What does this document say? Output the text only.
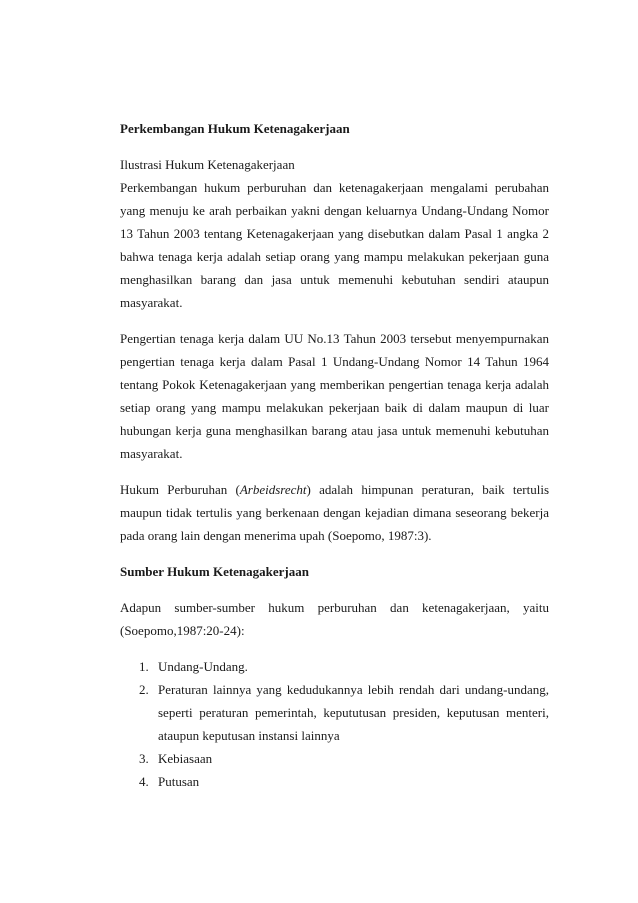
Perkembangan Hukum Ketenagakerjaan

Ilustrasi Hukum Ketenagakerjaan

Perkembangan hukum perburuhan dan ketenagakerjaan mengalami perubahan yang menuju ke arah perbaikan yakni dengan keluarnya Undang-Undang Nomor 13 Tahun 2003 tentang Ketenagakerjaan yang disebutkan dalam Pasal 1 angka 2 bahwa tenaga kerja adalah setiap orang yang mampu melakukan pekerjaan guna menghasilkan barang dan jasa untuk memenuhi kebutuhan sendiri ataupun masyarakat.

Pengertian tenaga kerja dalam UU No.13 Tahun 2003 tersebut menyempurnakan pengertian tenaga kerja dalam Pasal 1 Undang-Undang Nomor 14 Tahun 1964 tentang Pokok Ketenagakerjaan yang memberikan pengertian tenaga kerja adalah setiap orang yang mampu melakukan pekerjaan baik di dalam maupun di luar hubungan kerja guna menghasilkan barang atau jasa untuk memenuhi kebutuhan masyarakat.

Hukum Perburuhan (Arbeidsrecht) adalah himpunan peraturan, baik tertulis maupun tidak tertulis yang berkenaan dengan kejadian dimana seseorang bekerja pada orang lain dengan menerima upah (Soepomo, 1987:3).

Sumber Hukum Ketenagakerjaan

Adapun sumber-sumber hukum perburuhan dan ketenagakerjaan, yaitu (Soepomo,1987:20-24):

1. Undang-Undang.
2. Peraturan lainnya yang kedudukannya lebih rendah dari undang-undang, seperti peraturan pemerintah, kepututusan presiden, keputusan menteri, ataupun keputusan instansi lainnya
3. Kebiasaan
4. Putusan
